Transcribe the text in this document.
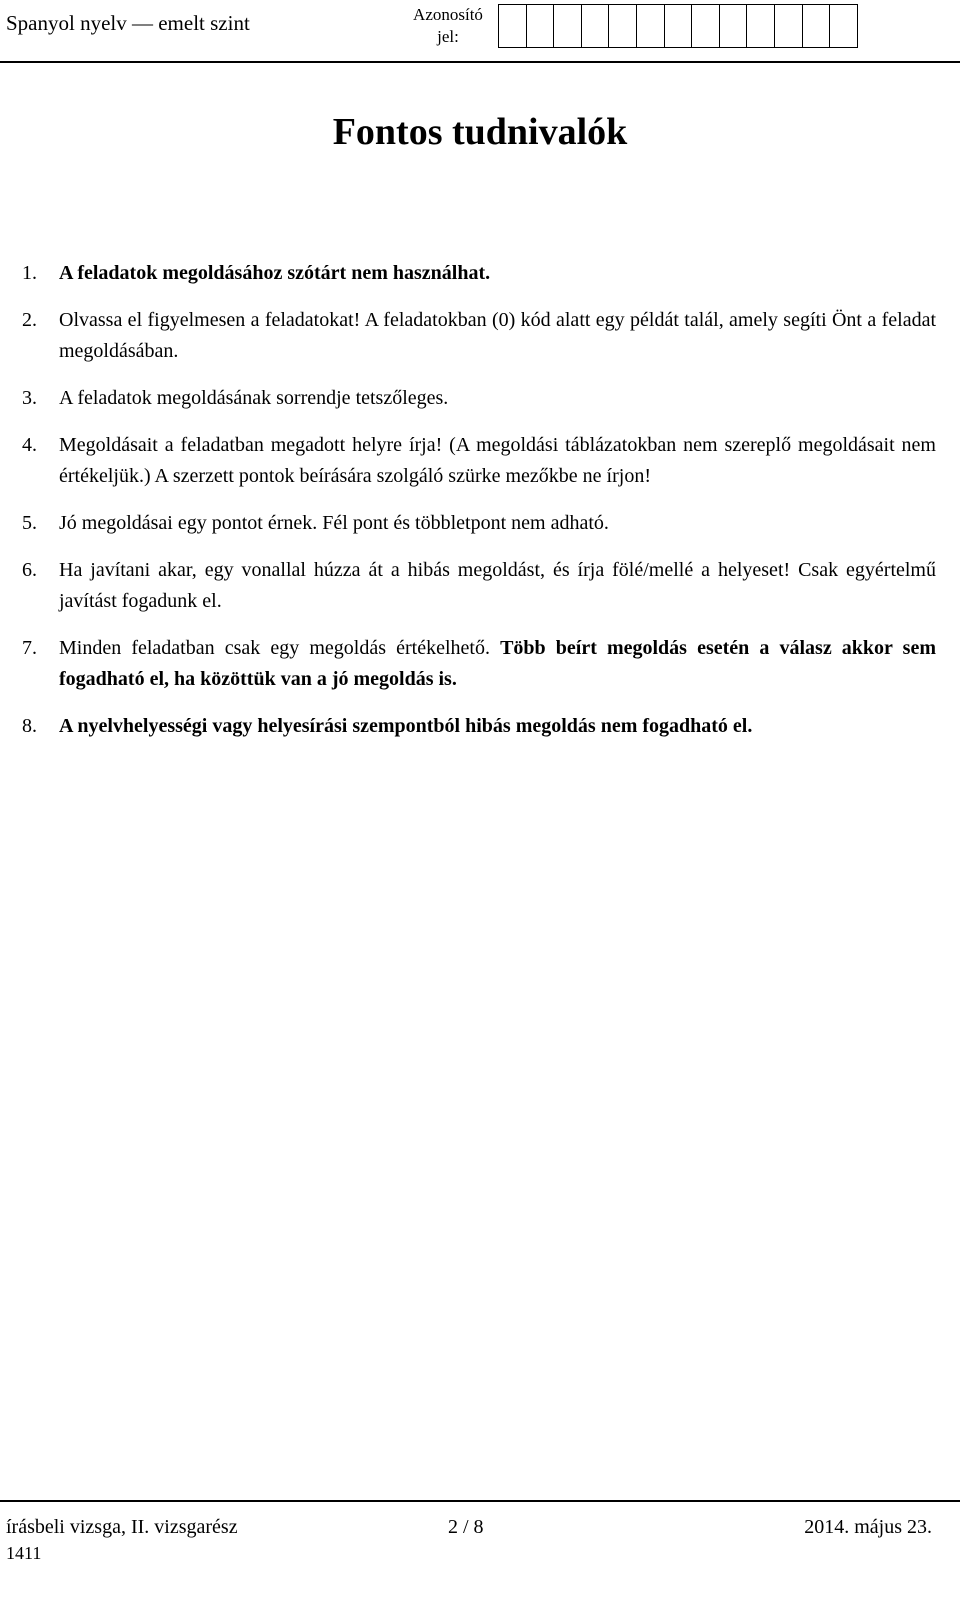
Spanyol nyelv — emelt szint	Azonosító
jel:
Fontos tudnivalók
1.	A feladatok megoldásához szótárt nem használhat.
2.	Olvassa el figyelmesen a feladatokat! A feladatokban (0) kód alatt egy példát talál, amely segíti Önt a feladat megoldásában.
3.	A feladatok megoldásának sorrendje tetszőleges.
4.	Megoldásait a feladatban megadott helyre írja! (A megoldási táblázatokban nem szereplő megoldásait nem értékeljük.) A szerzett pontok beírására szolgáló szürke mezőkbe ne írjon!
5.	Jó megoldásai egy pontot érnek. Fél pont és többletpont nem adható.
6.	Ha javítani akar, egy vonallal húzza át a hibás megoldást, és írja fölé/mellé a helyeset! Csak egyértelmű javítást fogadunk el.
7.	Minden feladatban csak egy megoldás értékelhető. Több beírt megoldás esetén a válasz akkor sem fogadható el, ha közöttük van a jó megoldás is.
8.	A nyelvhelyességi vagy helyesírási szempontból hibás megoldás nem fogadható el.
írásbeli vizsga, II. vizsgarész	2 / 8	2014. május 23.
1411
